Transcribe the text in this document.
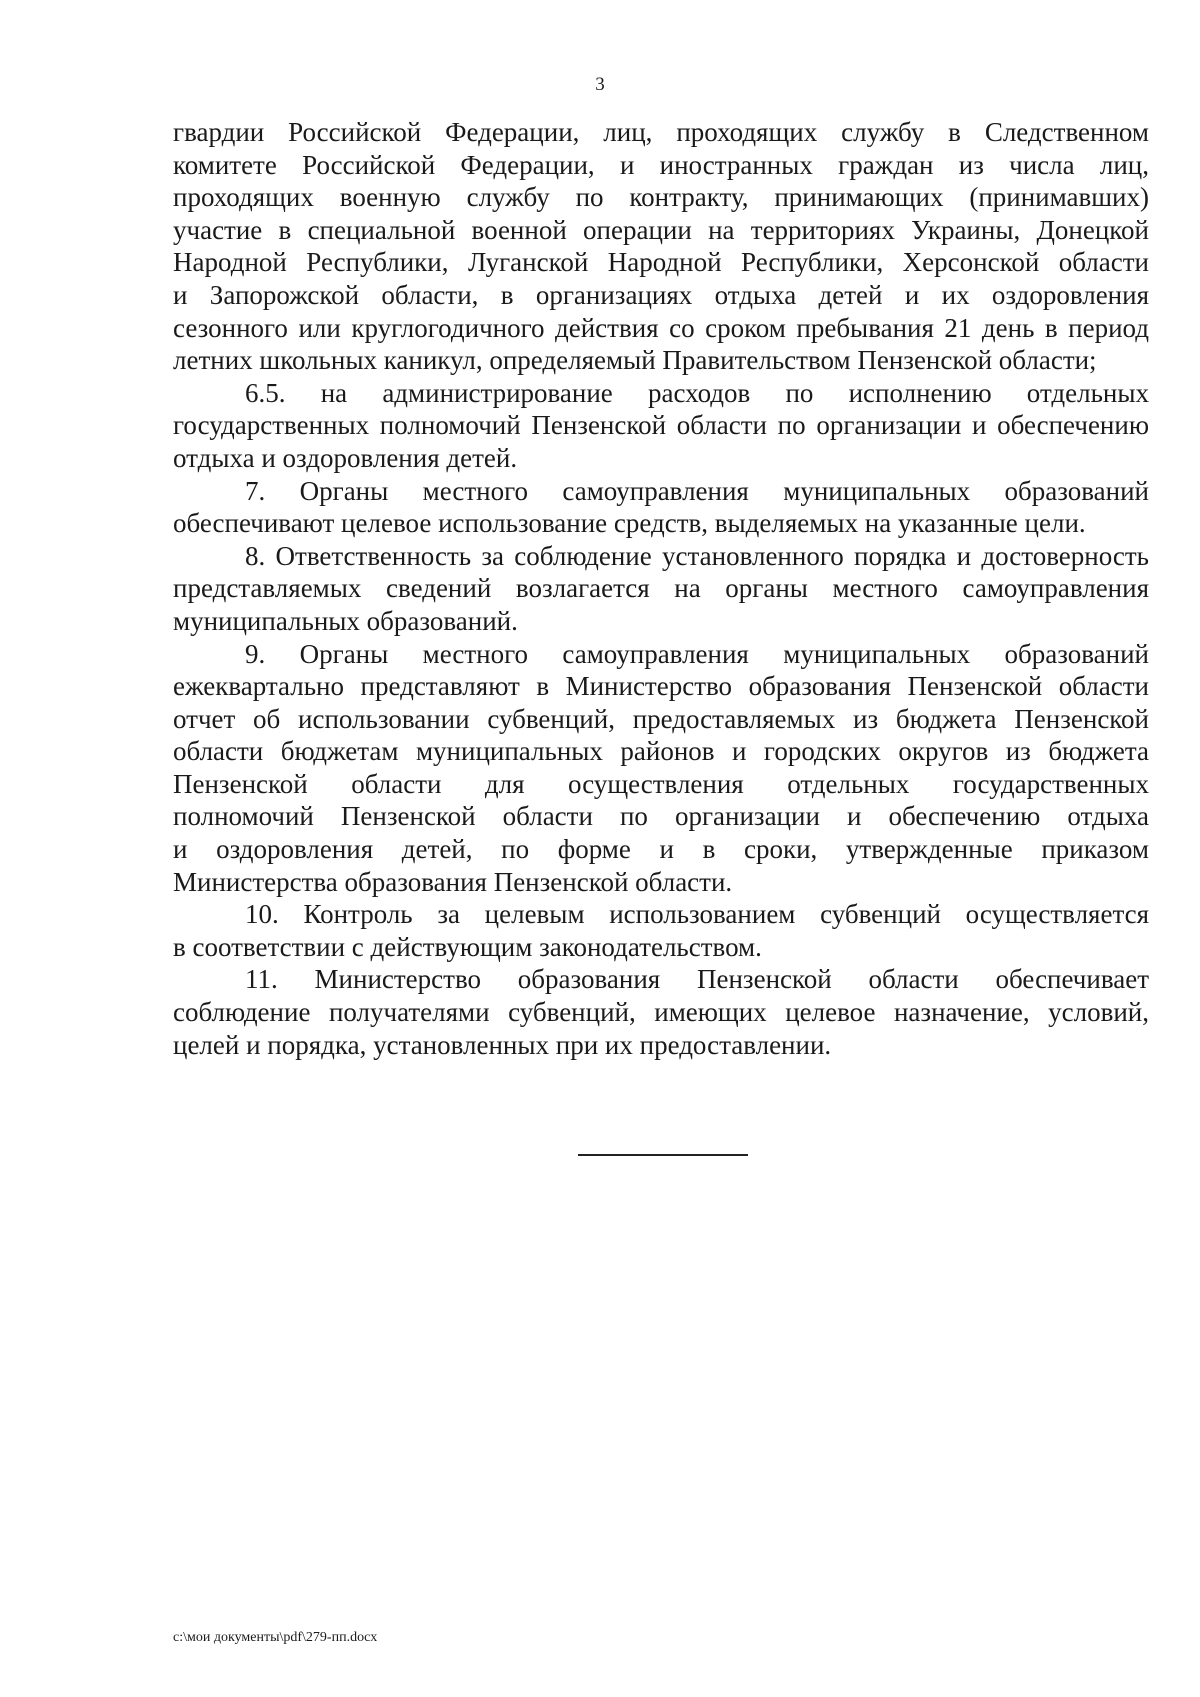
3
гвардии Российской Федерации, лиц, проходящих службу в Следственном
комитете Российской Федерации, и иностранных граждан из числа лиц,
проходящих военную службу по контракту, принимающих (принимавших)
участие в специальной военной операции на территориях Украины, Донецкой
Народной Республики, Луганской Народной Республики, Херсонской области
и Запорожской области, в организациях отдыха детей и их оздоровления
сезонного или круглогодичного действия со сроком пребывания 21 день в период
летних школьных каникул, определяемый Правительством Пензенской области;
6.5. на администрирование расходов по исполнению отдельных
государственных полномочий Пензенской области по организации и обеспечению
отдыха и оздоровления детей.
7. Органы местного самоуправления муниципальных образований
обеспечивают целевое использование средств, выделяемых на указанные цели.
8. Ответственность за соблюдение установленного порядка и достоверность
представляемых сведений возлагается на органы местного самоуправления
муниципальных образований.
9. Органы местного самоуправления муниципальных образований
ежеквартально представляют в Министерство образования Пензенской области
отчет об использовании субвенций, предоставляемых из бюджета Пензенской
области бюджетам муниципальных районов и городских округов из бюджета
Пензенской области для осуществления отдельных государственных
полномочий Пензенской области по организации и обеспечению отдыха
и оздоровления детей, по форме и в сроки, утвержденные приказом
Министерства образования Пензенской области.
10. Контроль за целевым использованием субвенций осуществляется
в соответствии с действующим законодательством.
11. Министерство образования Пензенской области обеспечивает
соблюдение получателями субвенций, имеющих целевое назначение, условий,
целей и порядка, установленных при их предоставлении.
c:\мои документы\pdf\279-пп.docx
